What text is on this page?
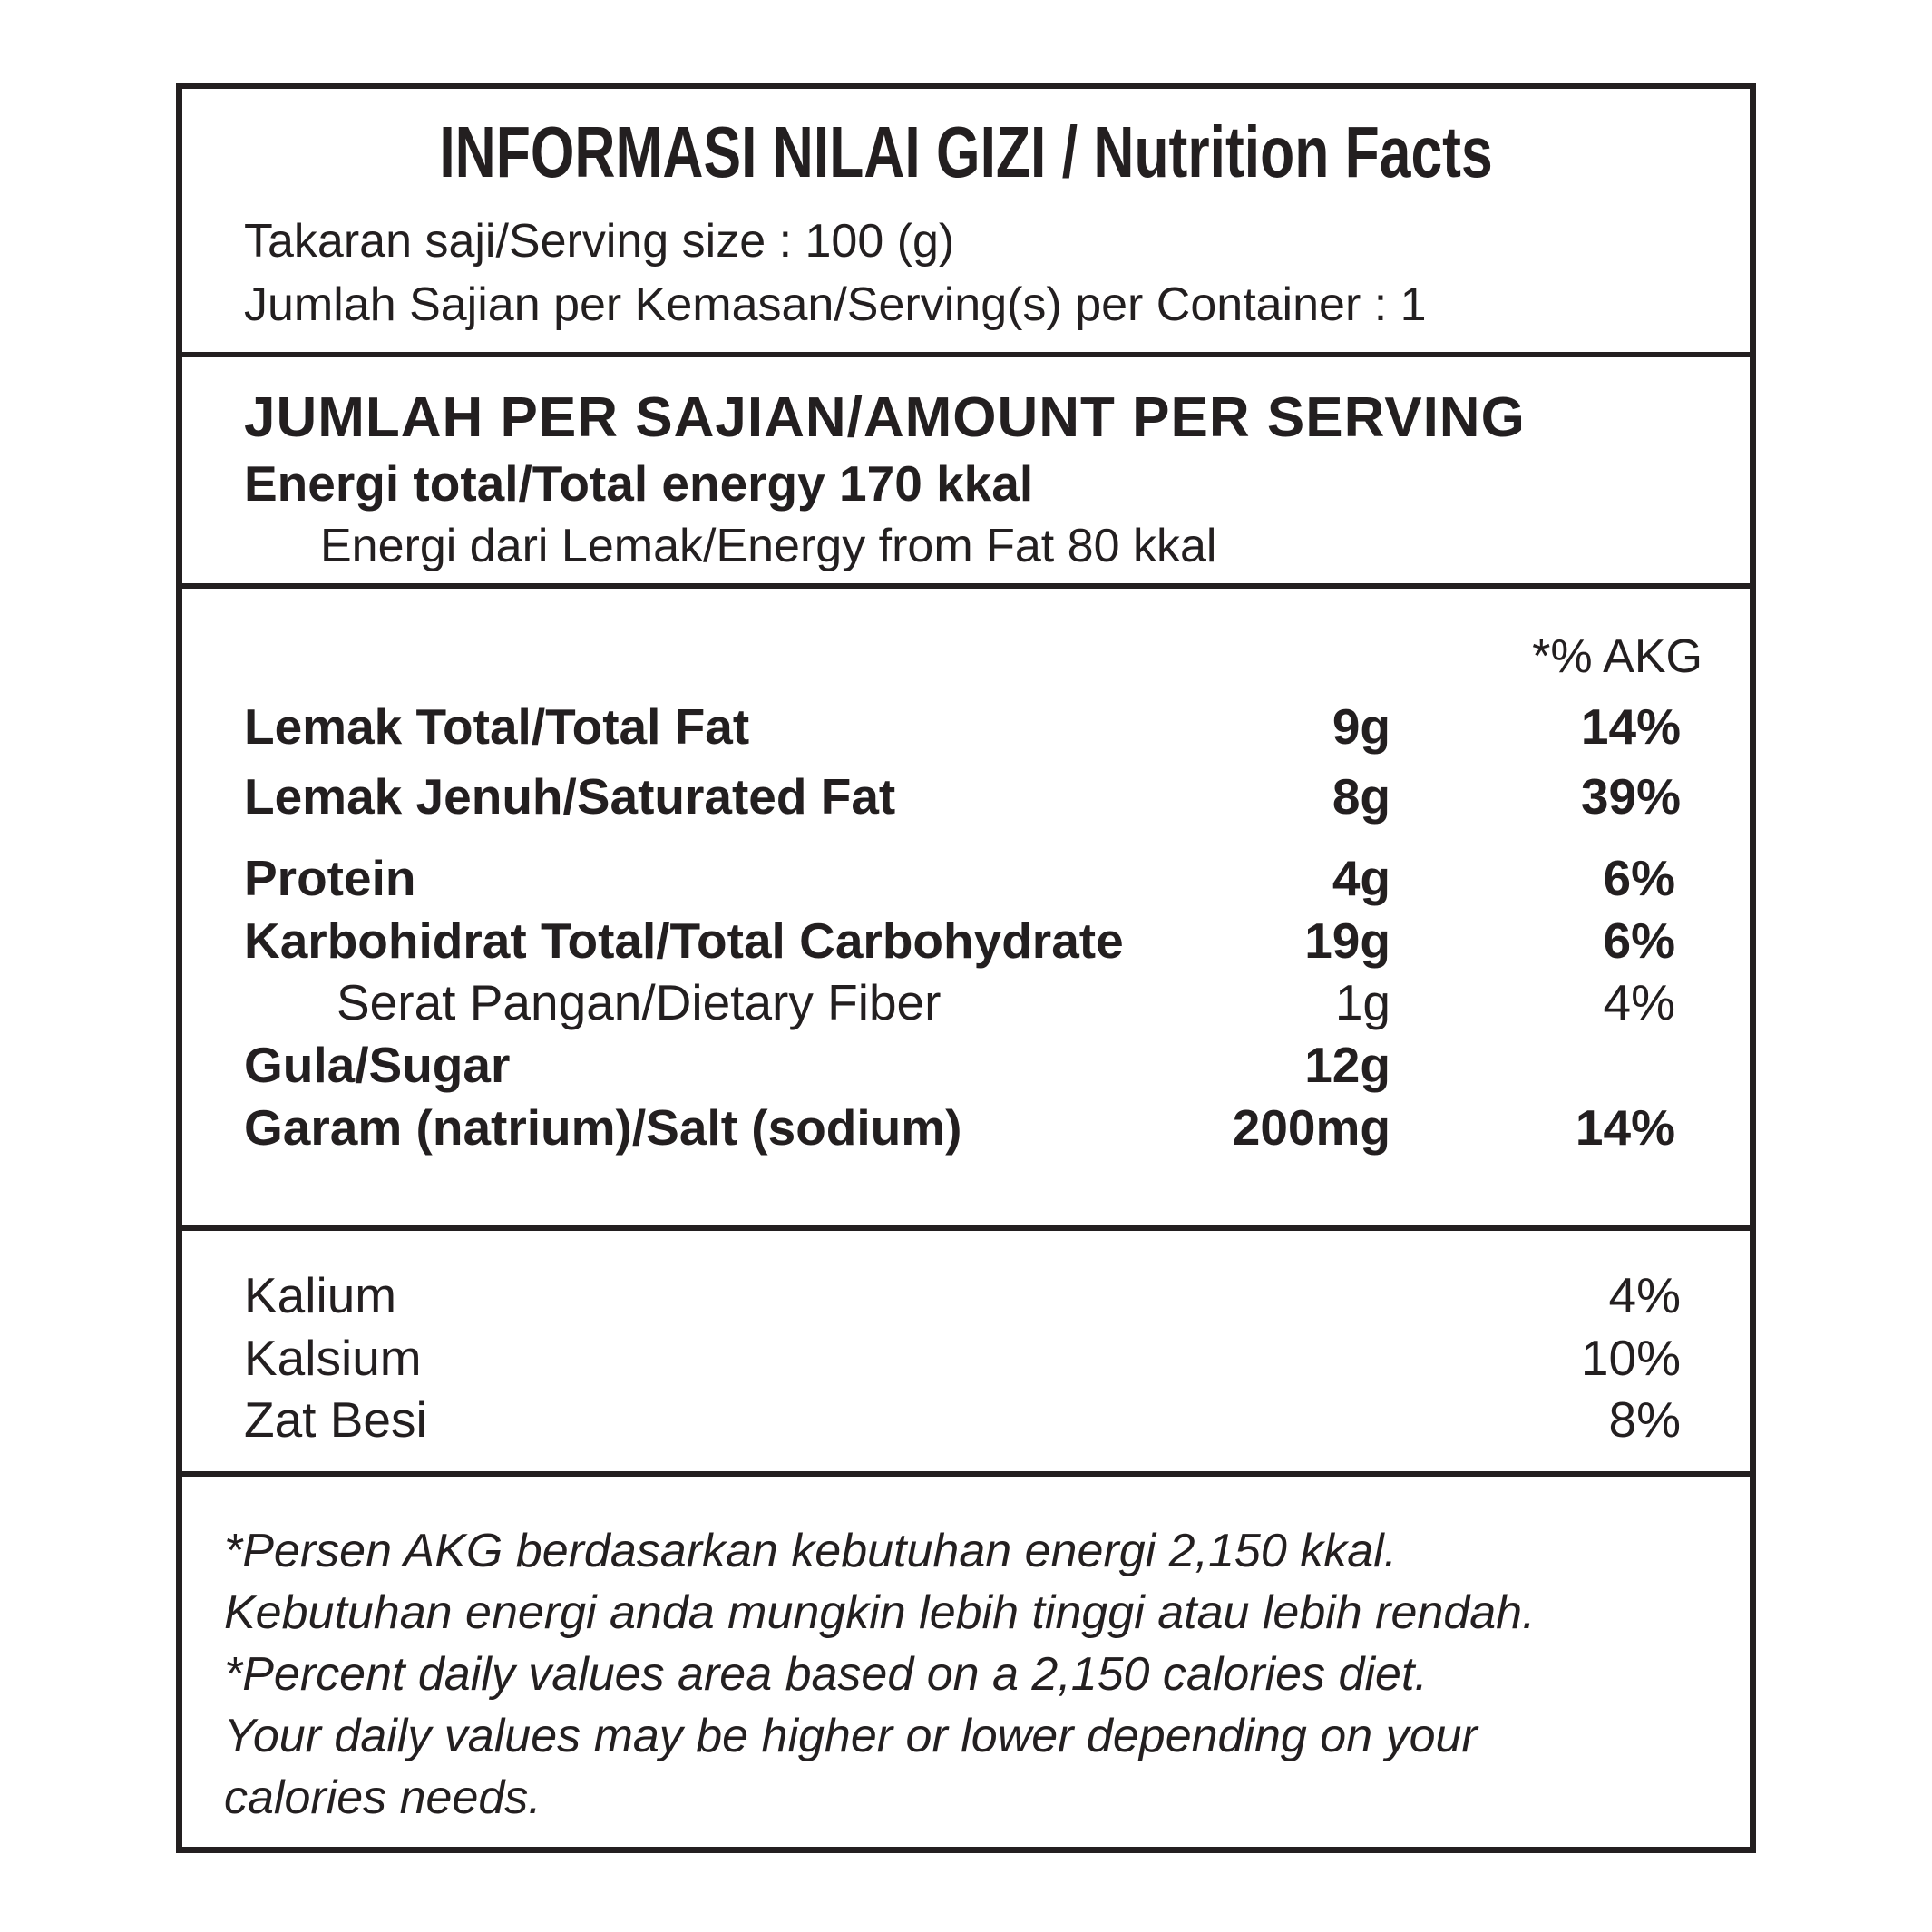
INFORMASI NILAI GIZI / Nutrition Facts
Takaran saji/Serving size : 100 (g)
Jumlah Sajian per Kemasan/Serving(s) per Container : 1
JUMLAH PER SAJIAN/AMOUNT PER SERVING
Energi total/Total energy 170 kkal
Energi dari Lemak/Energy from Fat 80 kkal
*% AKG
Lemak Total/Total Fat	9g	14%
Lemak Jenuh/Saturated Fat	8g	39%
Protein	4g	6%
Karbohidrat Total/Total Carbohydrate	19g	6%
Serat Pangan/Dietary Fiber	1g	4%
Gula/Sugar	12g
Garam (natrium)/Salt (sodium)	200mg	14%
Kalium	4%
Kalsium	10%
Zat Besi	8%
*Persen AKG berdasarkan kebutuhan energi 2,150 kkal.
Kebutuhan energi anda mungkin lebih tinggi atau lebih rendah.
*Percent daily values area based on a 2,150 calories diet.
Your daily values may be higher or lower depending on your
calories needs.
